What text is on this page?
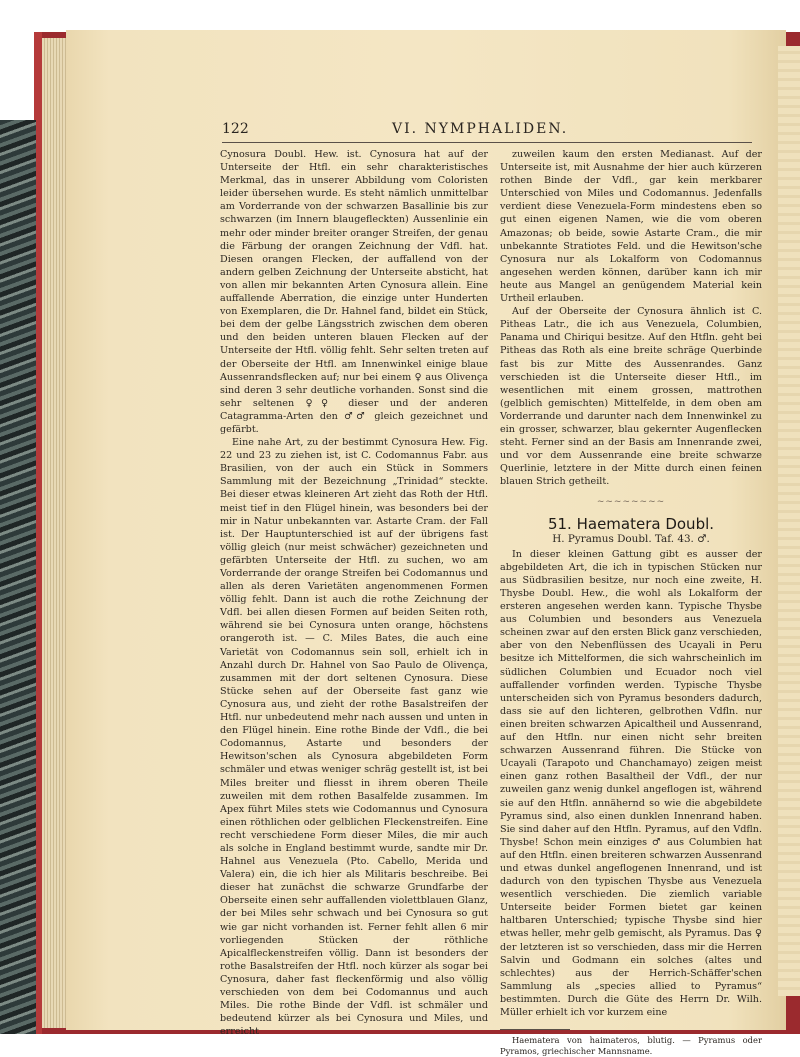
122	VI. NYMPHALIDEN.

Cynosura Doubl. Hew. ist. Cynosura hat auf der Unterseite der Htfl. ein sehr charakteristisches Merkmal, das in unserer Abbildung vom Coloristen leider übersehen wurde. Es steht nämlich unmittelbar am Vorderrande von der schwarzen Basallinie bis zur schwarzen (im Innern blaugefleckten) Aussenlinie ein mehr oder minder breiter oranger Streifen, der genau die Färbung der orangen Zeichnung der Vdfl. hat. Diesen orangen Flecken, der auffallend von der andern gelben Zeichnung der Unterseite absticht, hat von allen mir bekannten Arten Cynosura allein. Eine auffallende Aberration, die einzige unter Hunderten von Exemplaren, die Dr. Hahnel fand, bildet ein Stück, bei dem der gelbe Längsstrich zwischen dem oberen und den beiden unteren blauen Flecken auf der Unterseite der Htfl. völlig fehlt. Sehr selten treten auf der Oberseite der Htfl. am Innenwinkel einige blaue Aussenrandsflecken auf; nur bei einem ♀ aus Olivença sind deren 3 sehr deutliche vorhanden. Sonst sind die sehr seltenen ♀♀ dieser und der anderen Catagramma-Arten den ♂♂ gleich gezeichnet und gefärbt.

Eine nahe Art, zu der bestimmt Cynosura Hew. Fig. 22 und 23 zu ziehen ist, ist C. Codomannus Fabr. aus Brasilien, von der auch ein Stück in Sommers Sammlung mit der Bezeichnung „Trinidad“ steckte. Bei dieser etwas kleineren Art zieht das Roth der Htfl. meist tief in den Flügel hinein, was besonders bei der mir in Natur unbekannten var. Astarte Cram. der Fall ist. Der Hauptunterschied ist auf der übrigens fast völlig gleich (nur meist schwächer) gezeichneten und gefärbten Unterseite der Htfl. zu suchen, wo am Vorderrande der orange Streifen bei Codomannus und allen als deren Varietäten angenommenen Formen völlig fehlt. Dann ist auch die rothe Zeichnung der Vdfl. bei allen diesen Formen auf beiden Seiten roth, während sie bei Cynosura unten orange, höchstens orangeroth ist. — C. Miles Bates, die auch eine Varietät von Codomannus sein soll, erhielt ich in Anzahl durch Dr. Hahnel von Sao Paulo de Olivença, zusammen mit der dort seltenen Cynosura. Diese Stücke sehen auf der Oberseite fast ganz wie Cynosura aus, und zieht der rothe Basalstreifen der Htfl. nur unbedeutend mehr nach aussen und unten in den Flügel hinein. Eine rothe Binde der Vdfl., die bei Codomannus, Astarte und besonders der Hewitson'schen als Cynosura abgebildeten Form schmäler und etwas weniger schräg gestellt ist, ist bei Miles breiter und fliesst in ihrem oberen Theile zuweilen mit dem rothen Basalfelde zusammen. Im Apex führt Miles stets wie Codomannus und Cynosura einen röthlichen oder gelblichen Fleckenstreifen. Eine recht verschiedene Form dieser Miles, die mir auch als solche in England bestimmt wurde, sandte mir Dr. Hahnel aus Venezuela (Pto. Cabello, Merida und Valera) ein, die ich hier als Militaris beschreibe. Bei dieser hat zunächst die schwarze Grundfarbe der Oberseite einen sehr auffallenden violettblauen Glanz, der bei Miles sehr schwach und bei Cynosura so gut wie gar nicht vorhanden ist. Ferner fehlt allen 6 mir vorliegenden Stücken der röthliche Apicalfleckenstreifen völlig. Dann ist besonders der rothe Basalstreifen der Htfl. noch kürzer als sogar bei Cynosura, daher fast fleckenförmig und also völlig verschieden von dem bei Codomannus und auch Miles. Die rothe Binde der Vdfl. ist schmäler und bedeutend kürzer als bei Cynosura und Miles, und erreicht

zuweilen kaum den ersten Medianast. Auf der Unterseite ist, mit Ausnahme der hier auch kürzeren rothen Binde der Vdfl., gar kein merkbarer Unterschied von Miles und Codomannus. Jedenfalls verdient diese Venezuela-Form mindestens eben so gut einen eigenen Namen, wie die vom oberen Amazonas; ob beide, sowie Astarte Cram., die mir unbekannte Stratiotes Feld. und die Hewitson'sche Cynosura nur als Lokalform von Codomannus angesehen werden können, darüber kann ich mir heute aus Mangel an genügendem Material kein Urtheil erlauben.

Auf der Oberseite der Cynosura ähnlich ist C. Pitheas Latr., die ich aus Venezuela, Columbien, Panama und Chiriqui besitze. Auf den Htfln. geht bei Pitheas das Roth als eine breite schräge Querbinde fast bis zur Mitte des Aussenrandes. Ganz verschieden ist die Unterseite dieser Htfl., im wesentlichen mit einem grossen, mattrothen (gelblich gemischten) Mittelfelde, in dem oben am Vorderrande und darunter nach dem Innenwinkel zu ein grosser, schwarzer, blau gekernter Augenflecken steht. Ferner sind an der Basis am Innenrande zwei, und vor dem Aussenrande eine breite schwarze Querlinie, letztere in der Mitte durch einen feinen blauen Strich getheilt.

~~~~~~~~
51. Haematera Doubl.
H. Pyramus Doubl. Taf. 43. ♂.

In dieser kleinen Gattung gibt es ausser der abgebildeten Art, die ich in typischen Stücken nur aus Südbrasilien besitze, nur noch eine zweite, H. Thysbe Doubl. Hew., die wohl als Lokalform der ersteren angesehen werden kann. Typische Thysbe aus Columbien und besonders aus Venezuela scheinen zwar auf den ersten Blick ganz verschieden, aber von den Nebenflüssen des Ucayali in Peru besitze ich Mittelformen, die sich wahrscheinlich im südlichen Columbien und Ecuador noch viel auffallender vorfinden werden. Typische Thysbe unterscheiden sich von Pyramus besonders dadurch, dass sie auf den lichteren, gelbrothen Vdfln. nur einen breiten schwarzen Apicaltheil und Aussenrand, auf den Htfln. nur einen nicht sehr breiten schwarzen Aussenrand führen. Die Stücke von Ucayali (Tarapoto und Chanchamayo) zeigen meist einen ganz rothen Basaltheil der Vdfl., der nur zuweilen ganz wenig dunkel angeflogen ist, während sie auf den Htfln. annähernd so wie die abgebildete Pyramus sind, also einen dunklen Innenrand haben. Sie sind daher auf den Htfln. Pyramus, auf den Vdfln. Thysbe! Schon mein einziges ♂ aus Columbien hat auf den Htfln. einen breiteren schwarzen Aussenrand und etwas dunkel angeflogenen Innenrand, und ist dadurch von den typischen Thysbe aus Venezuela wesentlich verschieden. Die ziemlich variable Unterseite beider Formen bietet gar keinen haltbaren Unterschied; typische Thysbe sind hier etwas heller, mehr gelb gemischt, als Pyramus. Das ♀ der letzteren ist so verschieden, dass mir die Herren Salvin und Godmann ein solches (altes und schlechtes) aus der Herrich-Schäffer'schen Sammlung als „species allied to Pyramus“ bestimmten. Durch die Güte des Herrn Dr. Wilh. Müller erhielt ich vor kurzem eine

Haematera von haimateros, blutig. — Pyramus oder Pyramos, griechischer Mannsname.
